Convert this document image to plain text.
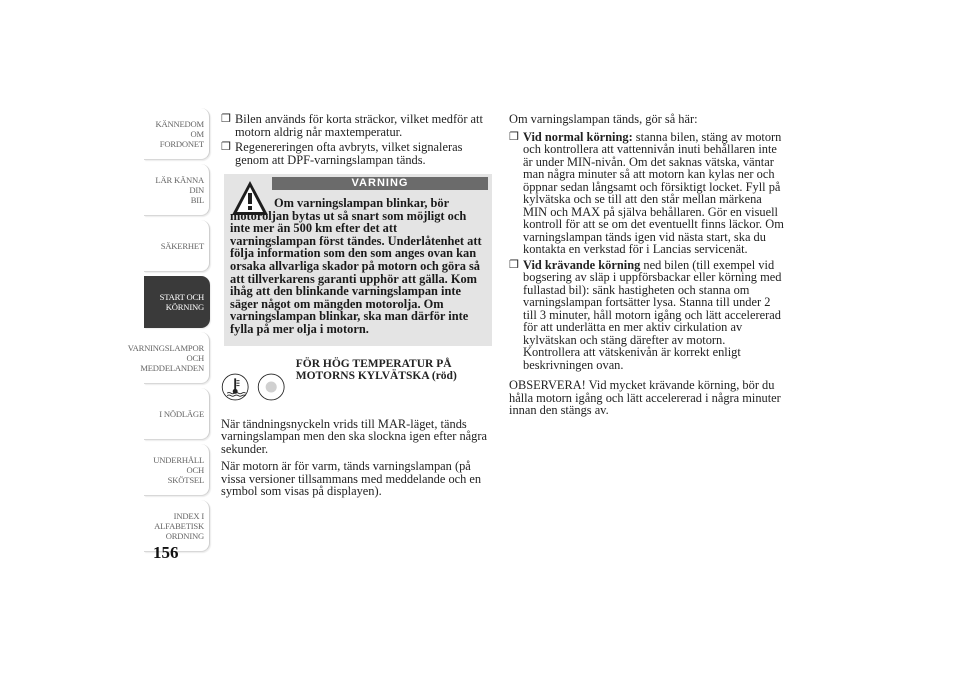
KÄNNEDOM OM
FORDONET
LÄR KÄNNA DIN
BIL
SÄKERHET
START OCH
KÖRNING
VARNINGSLAMPOR
OCH
MEDDELANDEN
I NÖDLÄGE
UNDERHÅLL OCH
SKÖTSEL
INDEX I
ALFABETISK
ORDNING
156

❐ Bilen används för korta sträckor, vilket medför att motorn aldrig når maxtemperatur.

❐ Regenereringen ofta avbryts, vilket signaleras genom att DPF-varningslampan tänds.

VARNING
Om varningslampan blinkar, bör motoroljan bytas ut så snart som möjligt och inte mer än 500 km efter det att varningslampan först tändes. Underlåtenhet att följa information som den som anges ovan kan orsaka allvarliga skador på motorn och göra så att tillverkarens garanti upphör att gälla. Kom ihåg att den blinkande varningslampan inte säger något om mängden motorolja. Om varningslampan blinkar, ska man därför inte fylla på mer olja i motorn.
FÖR HÖG TEMPERATUR PÅ MOTORNS KYLVÄTSKA (röd)

När tändningsnyckeln vrids till MAR-läget, tänds varningslampan men den ska slockna igen efter några sekunder.

När motorn är för varm, tänds varningslampan (på vissa versioner tillsammans med meddelande och en symbol som visas på displayen).

Om varningslampan tänds, gör så här:

❐ Vid normal körning: stanna bilen, stäng av motorn och kontrollera att vattennivån inuti behållaren inte är under MIN-nivån. Om det saknas vätska, väntar man några minuter så att motorn kan kylas ner och öppnar sedan långsamt och försiktigt locket. Fyll på kylvätska och se till att den står mellan märkena MIN och MAX på själva behållaren. Gör en visuell kontroll för att se om det eventuellt finns läckor. Om varningslampan tänds igen vid nästa start, ska du kontakta en verkstad för i Lancias servicenät.

❐ Vid krävande körning ned bilen (till exempel vid bogsering av släp i uppförsbackar eller körning med fullastad bil): sänk hastigheten och stanna om varningslampan fortsätter lysa. Stanna till under 2 till 3 minuter, håll motorn igång och lätt accelererad för att underlätta en mer aktiv cirkulation av kylvätskan och stäng därefter av motorn. Kontrollera att vätskenivån är korrekt enligt beskrivningen ovan.

OBSERVERA! Vid mycket krävande körning, bör du hålla motorn igång och lätt accelererad i några minuter innan den stängs av.
